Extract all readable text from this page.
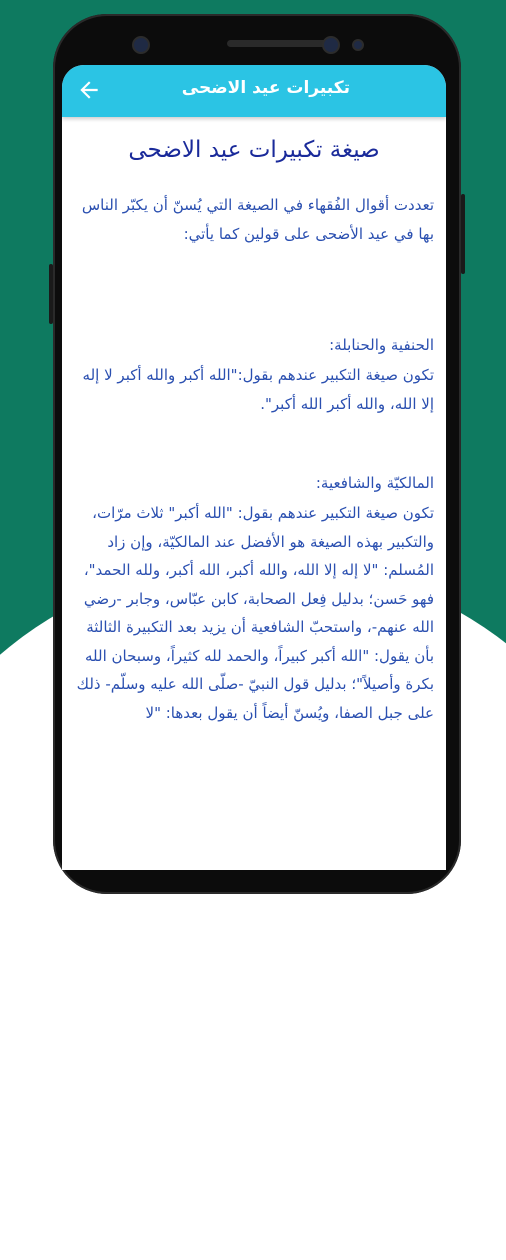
تكبيرات عيد الاضحى
صيغة تكبيرات عيد الاضحى

تعددت أقوال الفُقهاء في الصيغة التي يُسنّ أن يكبّر الناس بها في عيد الأضحى على قولين كما يأتي:

الحنفية والحنابلة:

تكون صيغة التكبير عندهم بقول:"الله أكبر والله أكبر لا إله إلا الله، والله أكبر الله أكبر".

المالكيّة والشافعية:

تكون صيغة التكبير عندهم بقول: "الله أكبر" ثلاث مرّات، والتكبير بهذه الصيغة هو الأفضل عند المالكيّة، وإن زاد المُسلم: "لا إله إلا الله، والله أكبر، الله أكبر، ولله الحمد"، فهو حَسن؛ بدليل فِعل الصحابة، كابن عبّاس، وجابر -رضي الله عنهم-، واستحبّ الشافعية أن يزيد بعد التكبيرة الثالثة بأن يقول: "الله أكبر كبيراً، والحمد لله كثيراً، وسبحان الله بكرة وأصيلاً"؛ بدليل قول النبيّ -صلّى الله عليه وسلّم- ذلك على جبل الصفا، ويُسنّ أيضاً أن يقول بعدها: "لا
